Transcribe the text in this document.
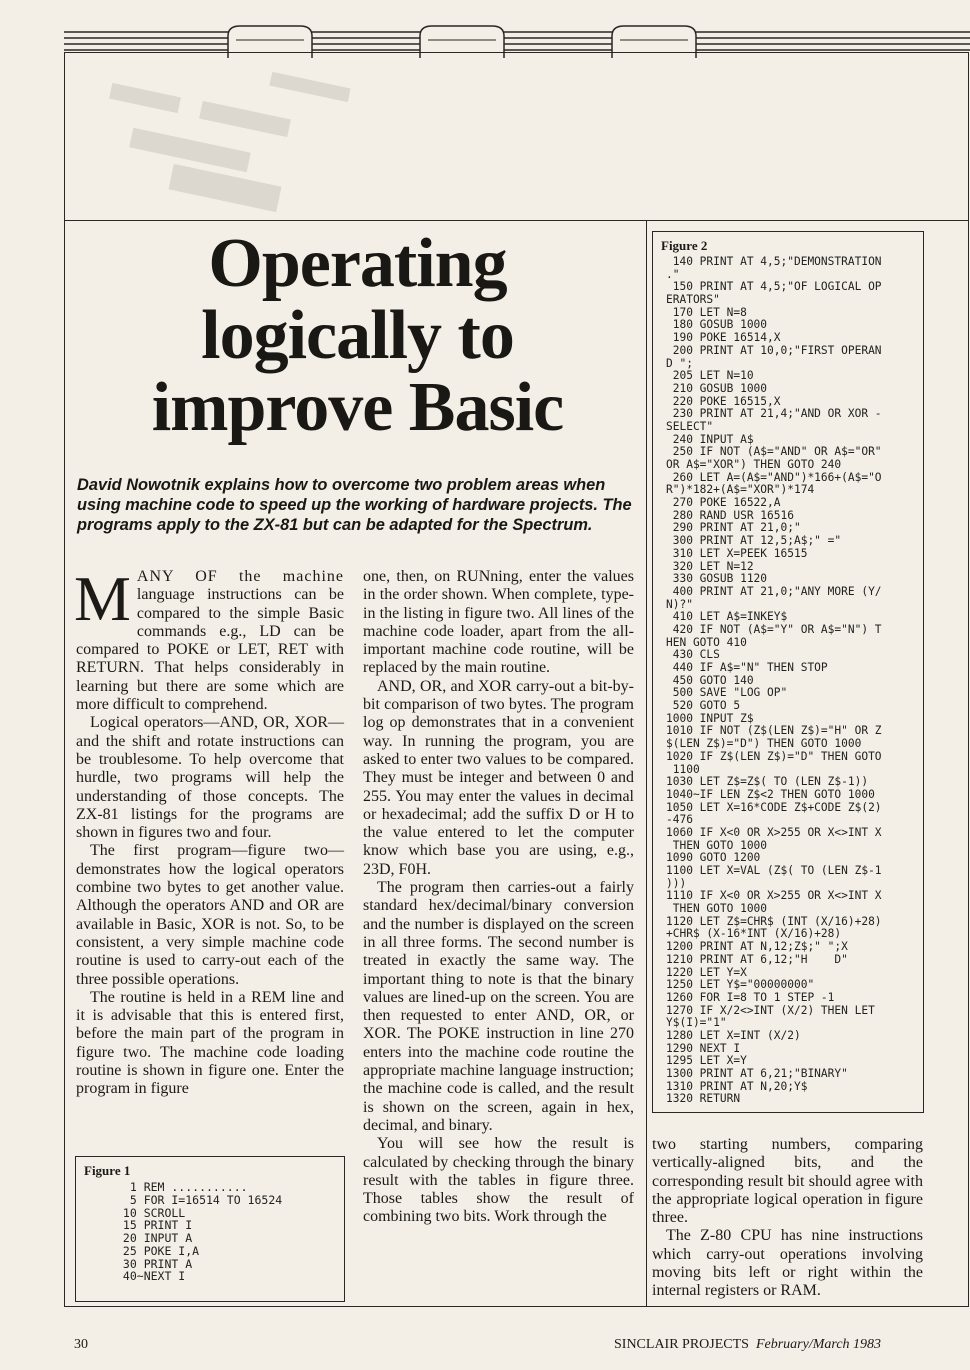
Operating
logically to
improve Basic
David Nowotnik explains how to overcome two problem areas when using machine code to speed up the working of hardware projects. The programs apply to the ZX-81 but can be adapted for the Spectrum.

MANY OF the machine language instructions can be compared to the simple Basic commands e.g., LD can be compared to POKE or LET, RET with RETURN. That helps considerably in learning but there are some which are more difficult to comprehend.

Logical operators—AND, OR, XOR—and the shift and rotate instructions can be troublesome. To help overcome that hurdle, two programs will help the understanding of those concepts. The ZX-81 listings for the programs are shown in figures two and four.

The first program—figure two—demonstrates how the logical operators combine two bytes to get another value. Although the operators AND and OR are available in Basic, XOR is not. So, to be consistent, a very simple machine code routine is used to carry-out each of the three possible operations.

The routine is held in a REM line and it is advisable that this is entered first, before the main part of the program in figure two. The machine code loading routine is shown in figure one. Enter the program in figure

one, then, on RUNning, enter the values in the order shown. When complete, type-in the listing in figure two. All lines of the machine code loader, apart from the all-important machine code routine, will be replaced by the main routine.

AND, OR, and XOR carry-out a bit-by-bit comparison of two bytes. The program log op demonstrates that in a convenient way. In running the program, you are asked to enter two values to be compared. They must be integer and between 0 and 255. You may enter the values in decimal or hexadecimal; add the suffix D or H to the value entered to let the computer know which base you are using, e.g., 23D, F0H.

The program then carries-out a fairly standard hex/decimal/binary conversion and the number is displayed on the screen in all three forms. The second number is treated in exactly the same way. The important thing to note is that the binary values are lined-up on the screen. You are then requested to enter AND, OR, or XOR. The POKE instruction in line 270 enters into the machine code routine the appropriate machine language instruction; the machine code is called, and the result is shown on the screen, again in hex, decimal, and binary.

You will see how the result is calculated by checking through the binary result with the tables in figure three. Those tables show the result of combining two bits. Work through the

two starting numbers, comparing vertically-aligned bits, and the corresponding result bit should agree with the appropriate logical operation in figure three.

The Z-80 CPU has nine instructions which carry-out operations involving moving bits left or right within the internal registers or RAM.

Figure 1
1 REM ...........
5 FOR I=16514 TO 16524
10 SCROLL
15 PRINT I
20 INPUT A
25 POKE I,A
30 PRINT A
40~NEXT I
Figure 2
140 PRINT AT 4,5;"DEMONSTRATION
."
150 PRINT AT 4,5;"OF LOGICAL OP
ERATORS"
170 LET N=8
180 GOSUB 1000
190 POKE 16514,X
200 PRINT AT 10,0;"FIRST OPERAN
D ";
205 LET N=10
210 GOSUB 1000
220 POKE 16515,X
230 PRINT AT 21,4;"AND OR XOR -
SELECT"
240 INPUT A$
250 IF NOT (A$="AND" OR A$="OR"
OR A$="XOR") THEN GOTO 240
260 LET A=(A$="AND")*166+(A$="O
R")*182+(A$="XOR")*174
270 POKE 16522,A
280 RAND USR 16516
290 PRINT AT 21,0;"
300 PRINT AT 12,5;A$;" ="
310 LET X=PEEK 16515
320 LET N=12
330 GOSUB 1120
400 PRINT AT 21,0;"ANY MORE (Y/
N)?"
410 LET A$=INKEY$
420 IF NOT (A$="Y" OR A$="N") T
HEN GOTO 410
430 CLS
440 IF A$="N" THEN STOP
450 GOTO 140
500 SAVE "LOG OP"
520 GOTO 5
1000 INPUT Z$
1010 IF NOT (Z$(LEN Z$)="H" OR Z
$(LEN Z$)="D") THEN GOTO 1000
1020 IF Z$(LEN Z$)="D" THEN GOTO
1100
1030 LET Z$=Z$( TO (LEN Z$-1))
1040~IF LEN Z$<2 THEN GOTO 1000
1050 LET X=16*CODE Z$+CODE Z$(2)
-476
1060 IF X<0 OR X>255 OR X<>INT X
THEN GOTO 1000
1090 GOTO 1200
1100 LET X=VAL (Z$( TO (LEN Z$-1
)))
1110 IF X<0 OR X>255 OR X<>INT X
THEN GOTO 1000
1120 LET Z$=CHR$ (INT (X/16)+28)
+CHR$ (X-16*INT (X/16)+28)
1200 PRINT AT N,12;Z$;" ";X
1210 PRINT AT 6,12;"H    D"
1220 LET Y=X
1250 LET Y$="00000000"
1260 FOR I=8 TO 1 STEP -1
1270 IF X/2<>INT (X/2) THEN LET
Y$(I)="1"
1280 LET X=INT (X/2)
1290 NEXT I
1295 LET X=Y
1300 PRINT AT 6,21;"BINARY"
1310 PRINT AT N,20;Y$
1320 RETURN
30	SINCLAIR PROJECTS February/March 1983
